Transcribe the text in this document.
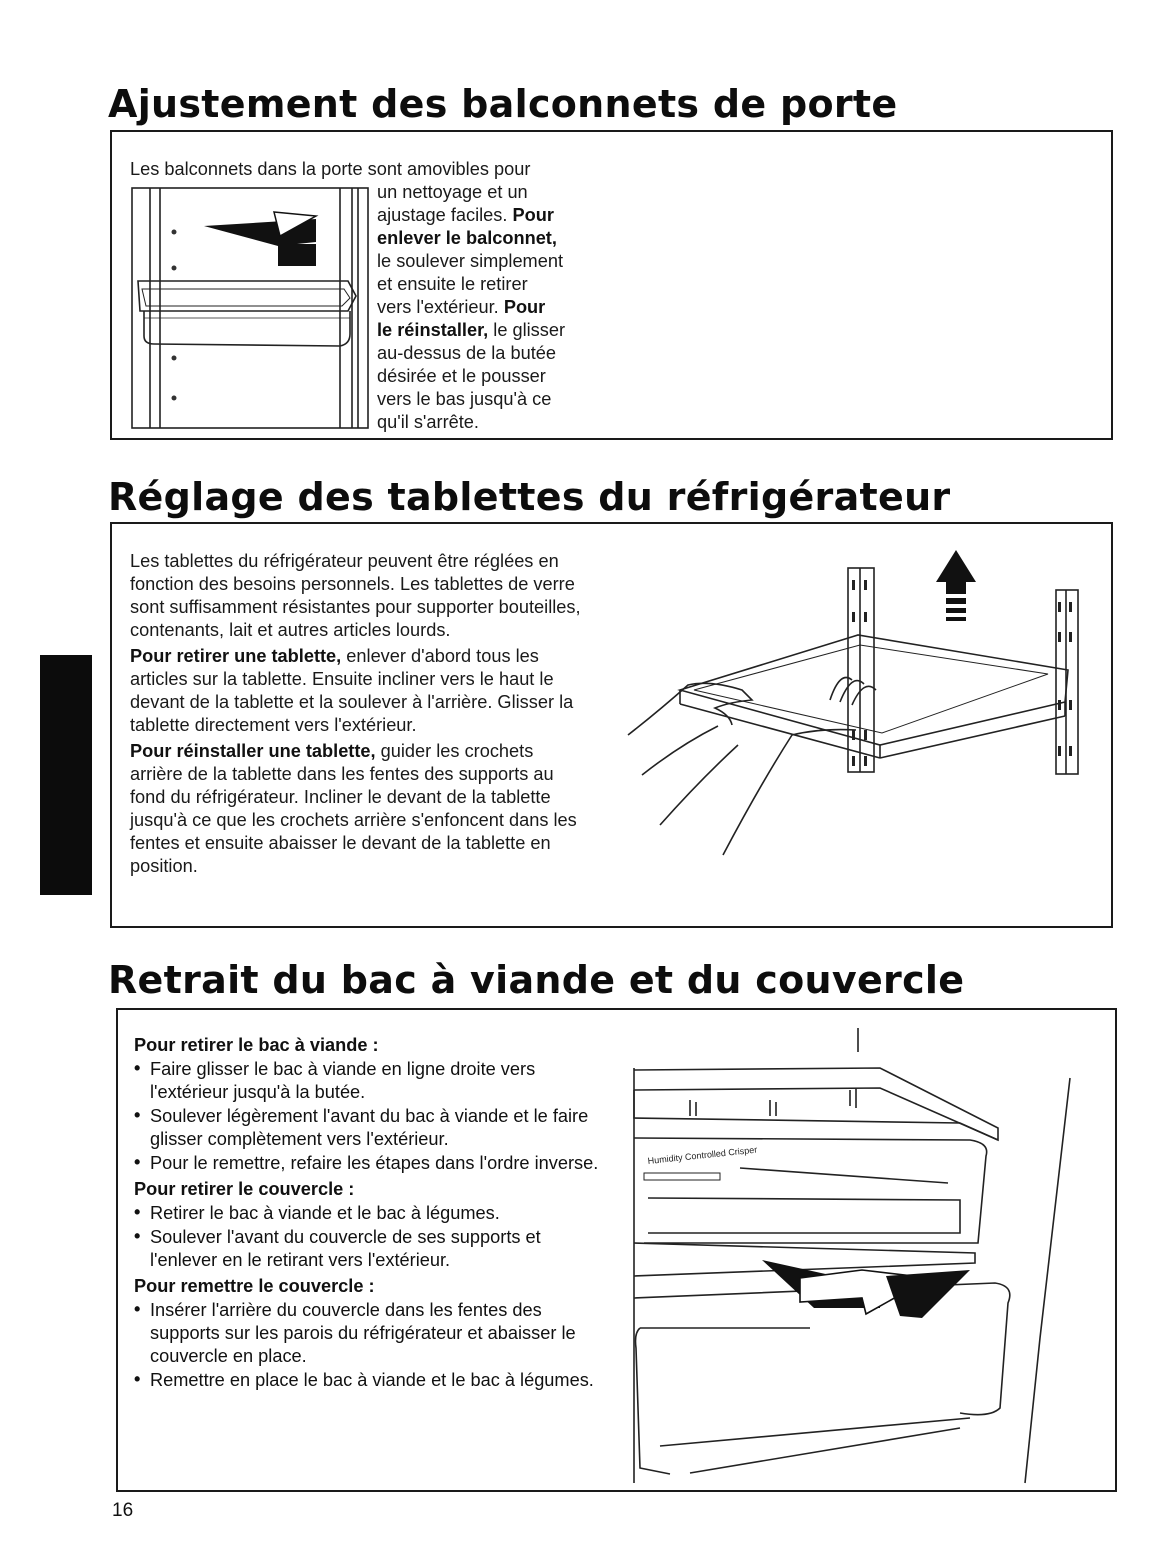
Ajustement des balconnets de porte
Les balconnets dans la porte sont amovibles pour

un nettoyage et un

ajustage faciles. Pour

enlever le balconnet,

le soulever simplement

et ensuite le retirer

vers l'extérieur. Pour

le réinstaller, le glisser

au-dessus de la butée

désirée et le pousser

vers le bas jusqu'à ce

qu'il s'arrête.

Réglage des tablettes du réfrigérateur

Les tablettes du réfrigérateur peuvent être réglées en fonction des besoins personnels. Les tablettes de verre sont suffisamment résistantes pour supporter bouteilles, contenants, lait et autres articles lourds.

Pour retirer une tablette, enlever d'abord tous les articles sur la tablette. Ensuite incliner vers le haut le devant de la tablette et la soulever à l'arrière. Glisser la tablette directement vers l'extérieur.

Pour réinstaller une tablette, guider les crochets arrière de la tablette dans les fentes des supports au fond du réfrigérateur. Incliner le devant de la tablette jusqu'à ce que les crochets arrière s'enfoncent dans les fentes et ensuite abaisser le devant de la tablette en position.

Retrait du bac à viande et du couvercle
Pour retirer le bac à viande :
• Faire glisser le bac à viande en ligne droite vers l'extérieur jusqu'à la butée.
• Soulever légèrement l'avant du bac à viande et le faire glisser complètement vers l'extérieur.
• Pour le remettre, refaire les étapes dans l'ordre inverse.
Pour retirer le couvercle :
• Retirer le bac à viande et le bac à légumes.
• Soulever l'avant du couvercle de ses supports et l'enlever en le retirant vers l'extérieur.
Pour remettre le couvercle :
• Insérer l'arrière du couvercle dans les fentes des supports sur les parois du réfrigérateur et abaisser le couvercle en place.
• Remettre en place le bac à viande et le bac à légumes.
Humidity Controlled Crisper
16
